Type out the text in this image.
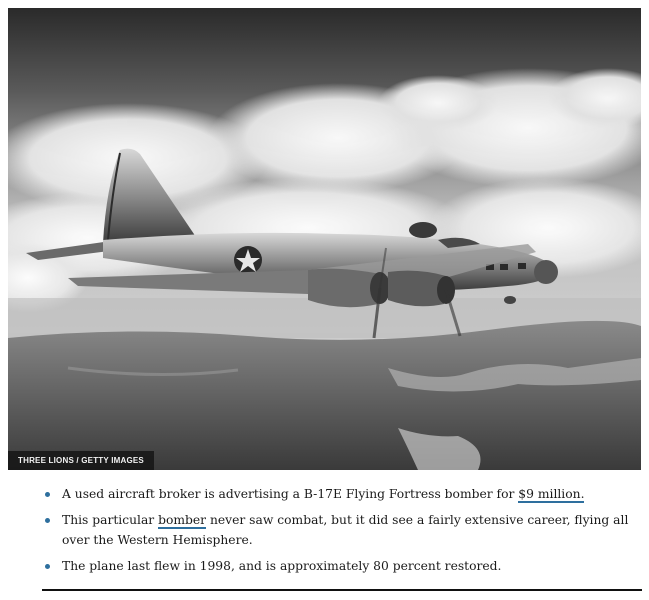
THREE LIONS / GETTY IMAGES
A used aircraft broker is advertising a B-17E Flying Fortress bomber for $9 million.
This particular bomber never saw combat, but it did see a fairly extensive career, flying all over the Western Hemisphere.
The plane last flew in 1998, and is approximately 80 percent restored.
